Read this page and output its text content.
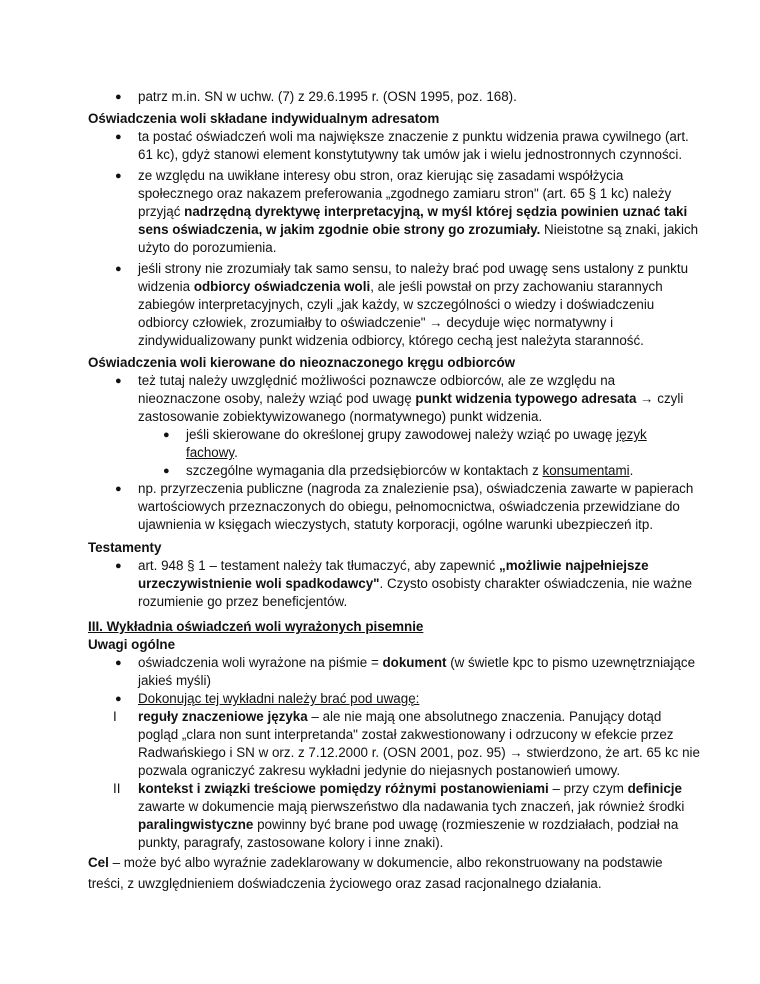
● patrz m.in. SN w uchw. (7) z 29.6.1995 r. (OSN 1995, poz. 168).

Oświadczenia woli składane indywidualnym adresatom

● ta postać oświadczeń woli ma największe znaczenie z punktu widzenia prawa cywilnego (art. 61 kc), gdyż stanowi element konstytutywny tak umów jak i wielu jednostronnych czynności.
● ze względu na uwikłane interesy obu stron, oraz kierując się zasadami współżycia społecznego oraz nakazem preferowania „zgodnego zamiaru stron" (art. 65 § 1 kc) należy przyjąć nadrzędną dyrektywę interpretacyjną, w myśl której sędzia powinien uznać taki sens oświadczenia, w jakim zgodnie obie strony go zrozumiały. Nieistotne są znaki, jakich użyto do porozumienia.
● jeśli strony nie zrozumiały tak samo sensu, to należy brać pod uwagę sens ustalony z punktu widzenia odbiorcy oświadczenia woli, ale jeśli powstał on przy zachowaniu starannych zabiegów interpretacyjnych, czyli „jak każdy, w szczególności o wiedzy i doświadczeniu odbiorcy człowiek, zrozumiałby to oświadczenie" → decyduje więc normatywny i zindywidualizowany punkt widzenia odbiorcy, którego cechą jest należyta staranność.

Oświadczenia woli kierowane do nieoznaczonego kręgu odbiorców

● też tutaj należy uwzględnić możliwości poznawcze odbiorców, ale ze względu na nieoznaczone osoby, należy wziąć pod uwagę punkt widzenia typowego adresata → czyli zastosowanie zobiektywizowanego (normatywnego) punkt widzenia.
● jeśli skierowane do określonej grupy zawodowej należy wziąć po uwagę język fachowy.
● szczególne wymagania dla przedsiębiorców w kontaktach z konsumentami.
● np. przyrzeczenia publiczne (nagroda za znalezienie psa), oświadczenia zawarte w papierach wartościowych przeznaczonych do obiegu, pełnomocnictwa, oświadczenia przewidziane do ujawnienia w księgach wieczystych, statuty korporacji, ogólne warunki ubezpieczeń itp.

Testamenty

● art. 948 § 1 – testament należy tak tłumaczyć, aby zapewnić „możliwie najpełniejsze urzeczywistnienie woli spadkodawcy". Czysto osobisty charakter oświadczenia, nie ważne rozumienie go przez beneficjentów.

III. Wykładnia oświadczeń woli wyrażonych pisemnie

Uwagi ogólne

● oświadczenia woli wyrażone na piśmie = dokument (w świetle kpc to pismo uzewnętrzniające jakieś myśli)
● Dokonując tej wykładni należy brać pod uwagę:
I reguły znaczeniowe języka – ale nie mają one absolutnego znaczenia. Panujący dotąd pogląd „clara non sunt interpretanda" został zakwestionowany i odrzucony w efekcie przez Radwańskiego i SN w orz. z 7.12.2000 r. (OSN 2001, poz. 95) → stwierdzono, że art. 65 kc nie pozwala ograniczyć zakresu wykładni jedynie do niejasnych postanowień umowy.
II kontekst i związki treściowe pomiędzy różnymi postanowieniami – przy czym definicje zawarte w dokumencie mają pierwszeństwo dla nadawania tych znaczeń, jak również środki paralingwistyczne powinny być brane pod uwagę (rozmieszenie w rozdziałach, podział na punkty, paragrafy, zastosowane kolory i inne znaki).

Cel – może być albo wyraźnie zadeklarowany w dokumencie, albo rekonstruowany na podstawie treści, z uwzględnieniem doświadczenia życiowego oraz zasad racjonalnego działania.
